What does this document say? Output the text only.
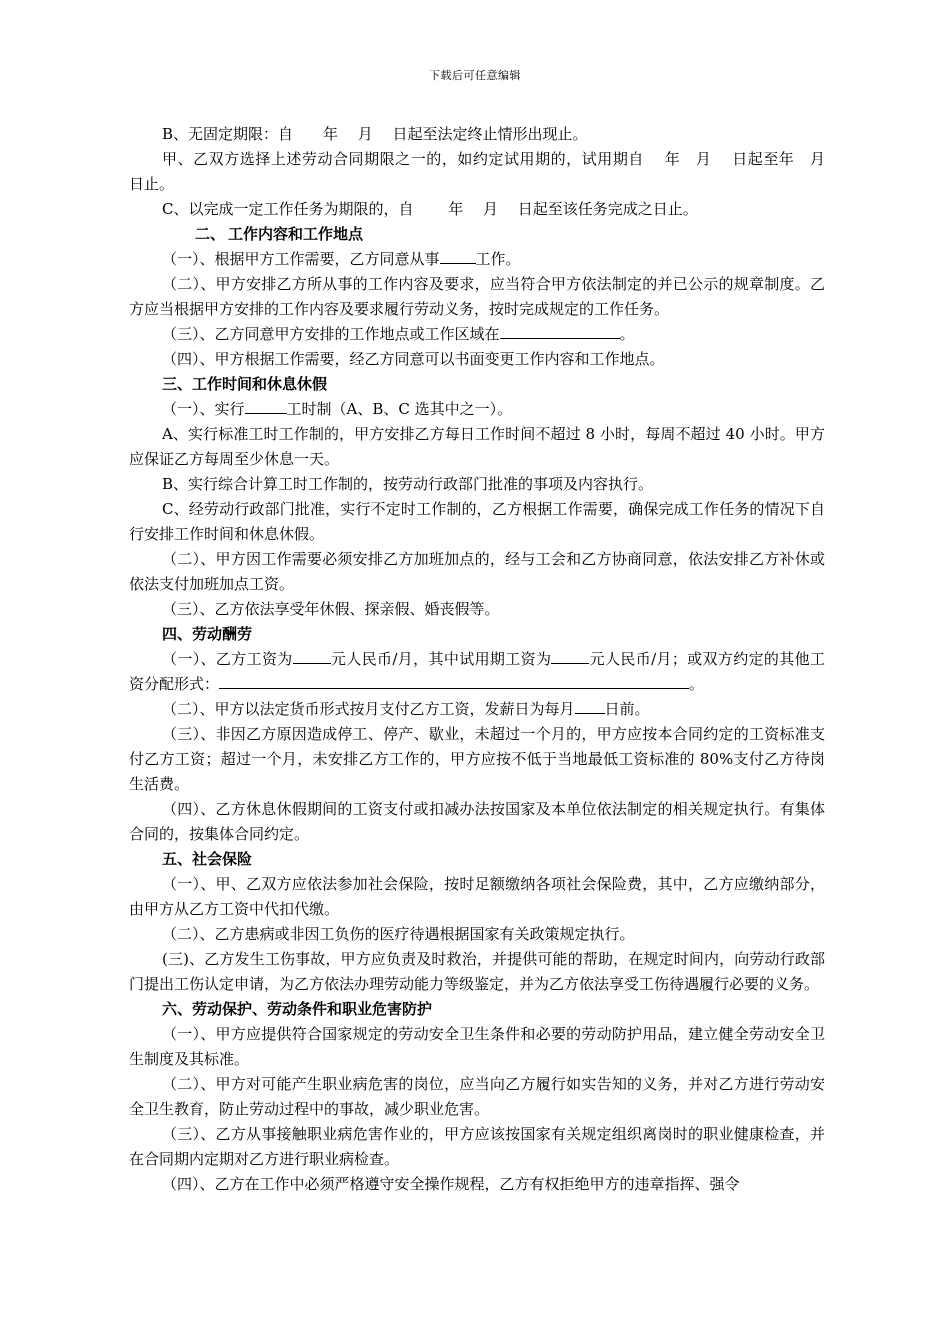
下载后可任意编辑

B、无固定期限：自　　年　 月　 日起至法定终止情形出现止。

甲、乙双方选择上述劳动合同期限之一的，如约定试用期的，试用期自　 年　月　 日起至年　月　日止。

C、以完成一定工作任务为期限的，自　　 年　 月　 日起至该任务完成之日止。

二、 工作内容和工作地点

（一）、根据甲方工作需要，乙方同意从事 工作。

（二）、甲方安排乙方所从事的工作内容及要求，应当符合甲方依法制定的并已公示的规章制度。乙方应当根据甲方安排的工作内容及要求履行劳动义务，按时完成规定的工作任务。

（三）、乙方同意甲方安排的工作地点或工作区域在	。

（四）、甲方根据工作需要，经乙方同意可以书面变更工作内容和工作地点。

三、工作时间和休息休假

（一）、实行	工时制（A、B、C 选其中之一）。

A、实行标准工时工作制的，甲方安排乙方每日工作时间不超过 8 小时，每周不超过 40 小时。甲方应保证乙方每周至少休息一天。

B、实行综合计算工时工作制的，按劳动行政部门批准的事项及内容执行。

C、经劳动行政部门批准，实行不定时工作制的，乙方根据工作需要，确保完成工作任务的情况下自行安排工作时间和休息休假。

（二）、甲方因工作需要必须安排乙方加班加点的，经与工会和乙方协商同意，依法安排乙方补休或依法支付加班加点工资。

（三）、乙方依法享受年休假、探亲假、婚丧假等。

四、劳动酬劳

（一）、乙方工资为	元人民币/月，其中试用期工资为	元人民币/月；或双方约定的其他工资分配形式：	。

（二）、甲方以法定货币形式按月支付乙方工资，发薪日为每月 日前。

（三）、非因乙方原因造成停工、停产、歇业，未超过一个月的，甲方应按本合同约定的工资标准支付乙方工资；超过一个月，未安排乙方工作的，甲方应按不低于当地最低工资标准的 80%支付乙方待岗生活费。

（四）、乙方休息休假期间的工资支付或扣减办法按国家及本单位依法制定的相关规定执行。有集体合同的，按集体合同约定。

五、社会保险

（一）、甲、乙双方应依法参加社会保险，按时足额缴纳各项社会保险费，其中，乙方应缴纳部分，由甲方从乙方工资中代扣代缴。

（二）、乙方患病或非因工负伤的医疗待遇根据国家有关政策规定执行。

(三)、乙方发生工伤事故，甲方应负责及时救治，并提供可能的帮助，在规定时间内，向劳动行政部门提出工伤认定申请，为乙方依法办理劳动能力等级鉴定，并为乙方依法享受工伤待遇履行必要的义务。

六、劳动保护、劳动条件和职业危害防护

（一）、甲方应提供符合国家规定的劳动安全卫生条件和必要的劳动防护用品，建立健全劳动安全卫生制度及其标准。

（二）、甲方对可能产生职业病危害的岗位，应当向乙方履行如实告知的义务，并对乙方进行劳动安全卫生教育，防止劳动过程中的事故，减少职业危害。

（三）、乙方从事接触职业病危害作业的，甲方应该按国家有关规定组织离岗时的职业健康检查，并在合同期内定期对乙方进行职业病检查。

（四）、乙方在工作中必须严格遵守安全操作规程，乙方有权拒绝甲方的违章指挥、强令
